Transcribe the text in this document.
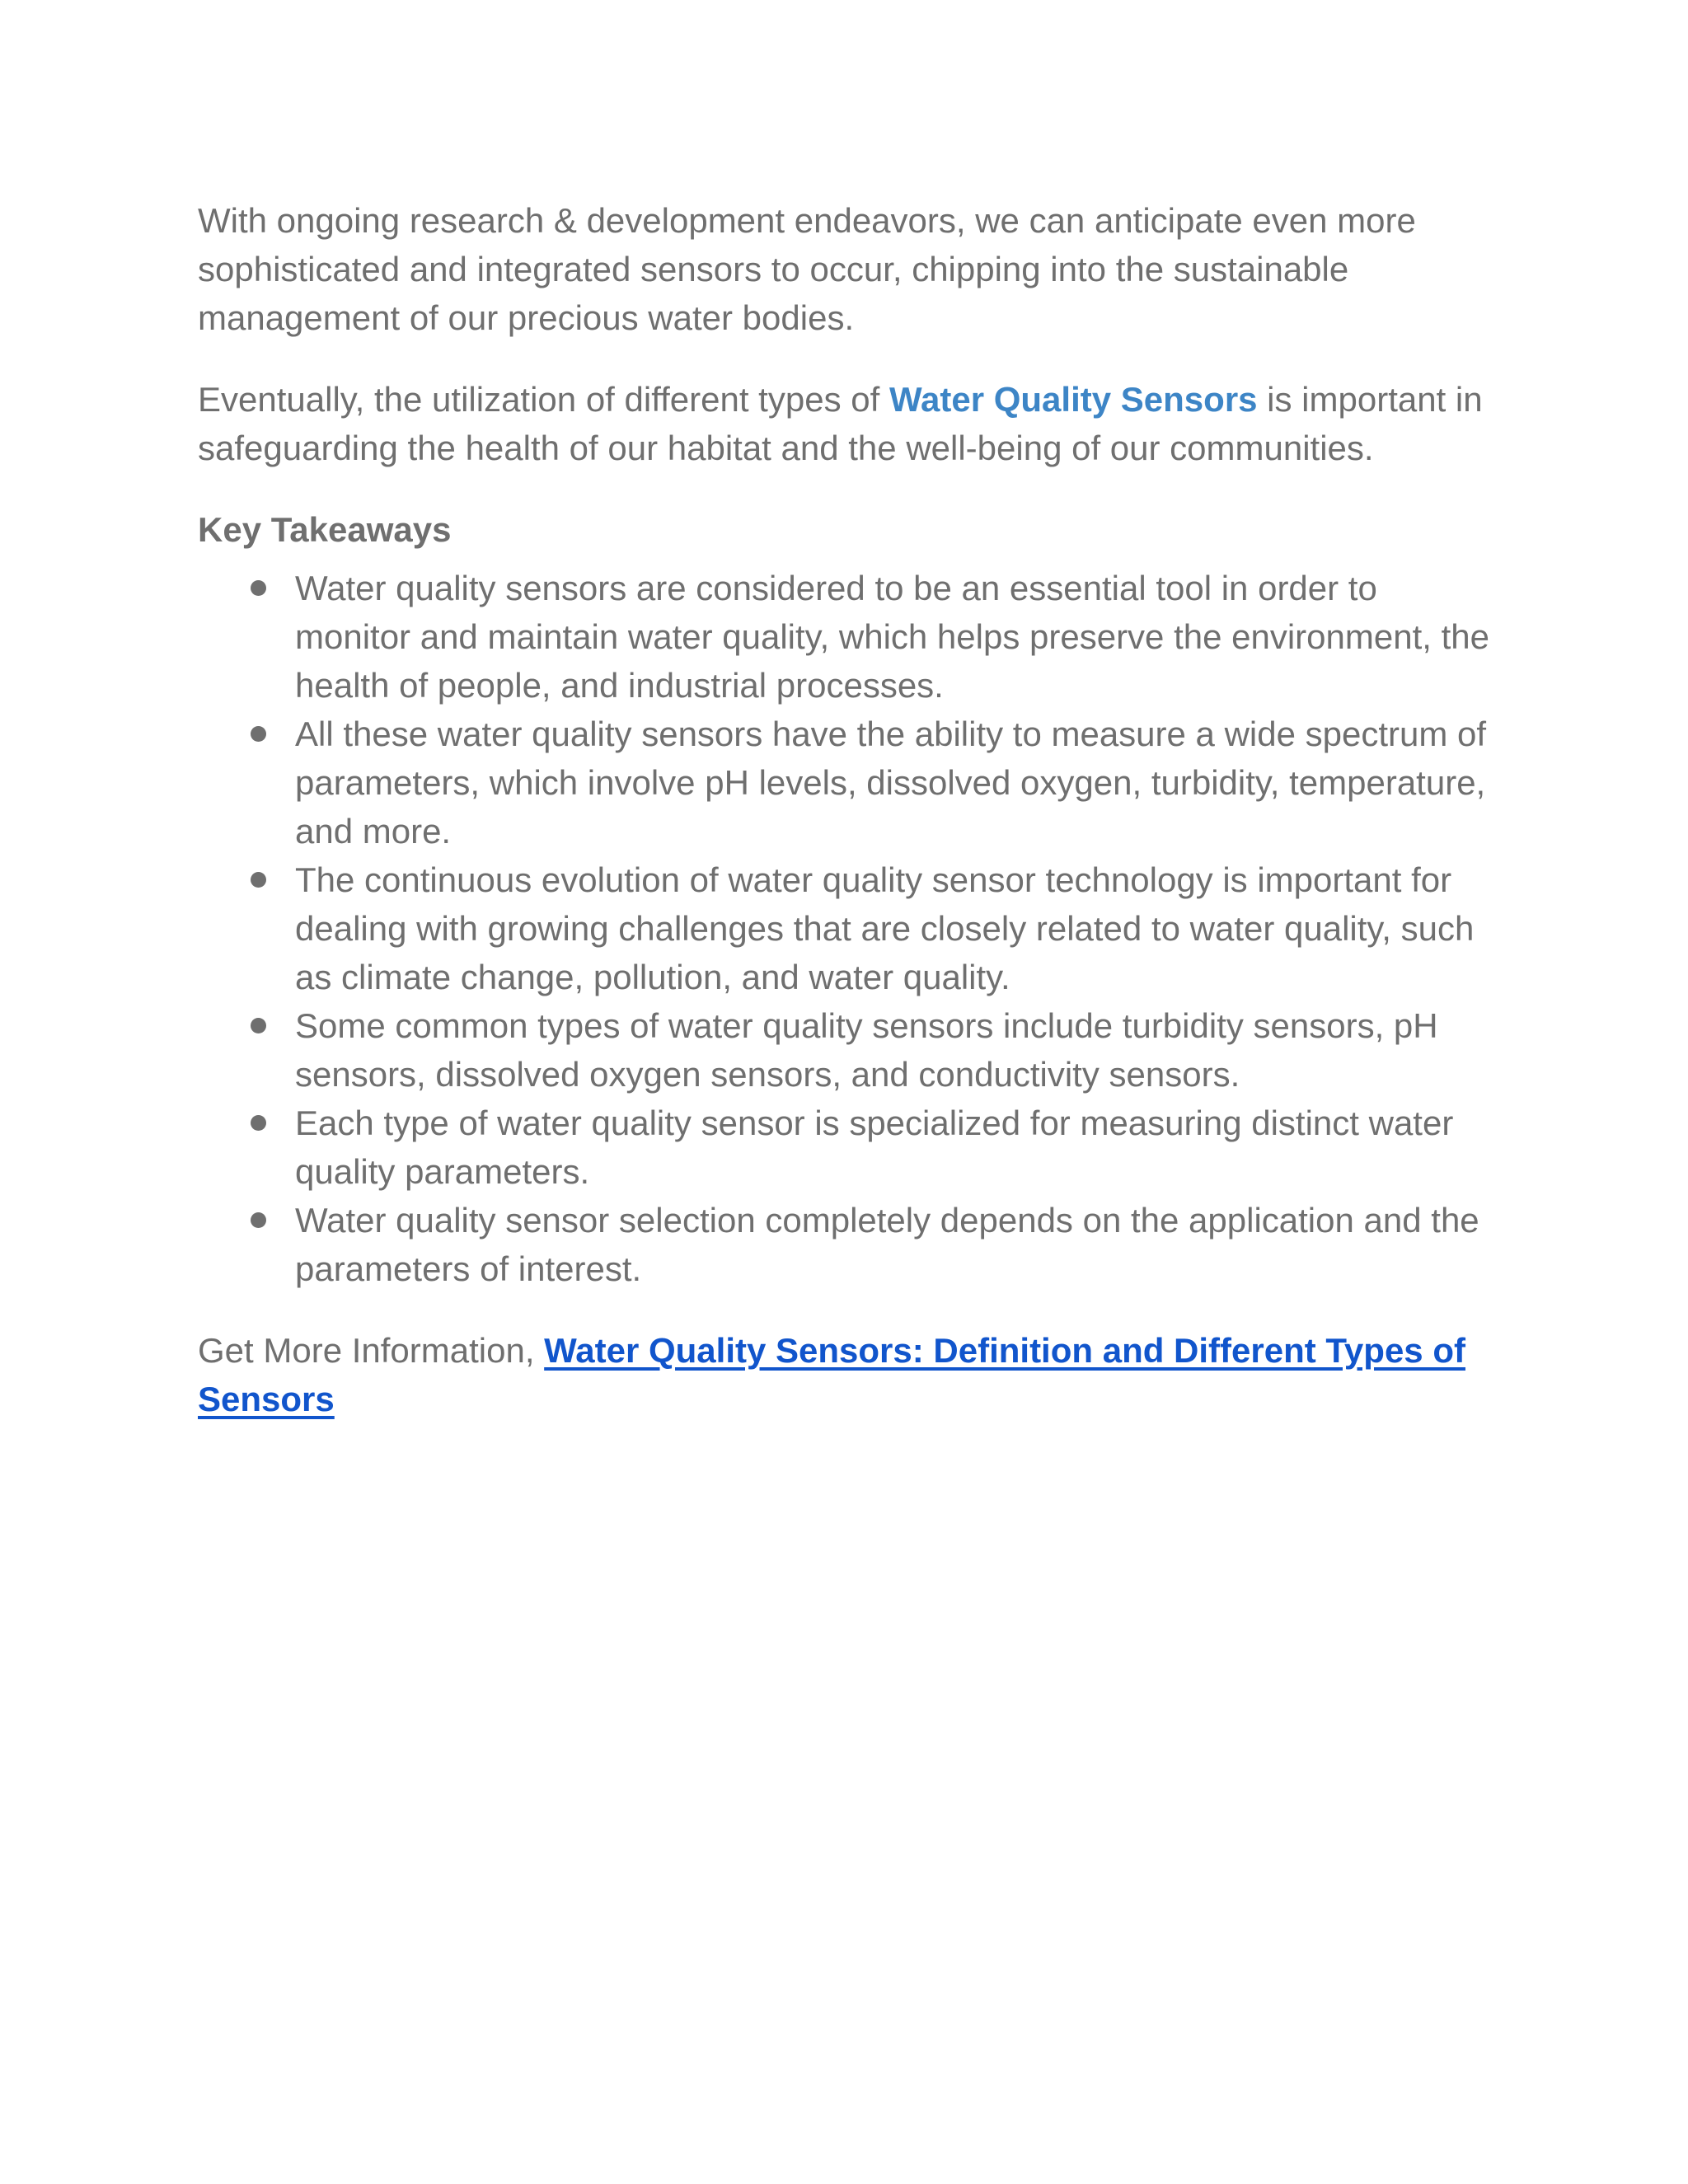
With ongoing research & development endeavors, we can anticipate even more sophisticated and integrated sensors to occur, chipping into the sustainable management of our precious water bodies.

Eventually, the utilization of different types of Water Quality Sensors is important in safeguarding the health of our habitat and the well-being of our communities.

Key Takeaways
Water quality sensors are considered to be an essential tool in order to monitor and maintain water quality, which helps preserve the environment, the health of people, and industrial processes.
All these water quality sensors have the ability to measure a wide spectrum of parameters, which involve pH levels, dissolved oxygen, turbidity, temperature, and more.
The continuous evolution of water quality sensor technology is important for dealing with growing challenges that are closely related to water quality, such as climate change, pollution, and water quality.
Some common types of water quality sensors include turbidity sensors, pH sensors, dissolved oxygen sensors, and conductivity sensors.
Each type of water quality sensor is specialized for measuring distinct water quality parameters.
Water quality sensor selection completely depends on the application and the parameters of interest.

Get More Information, Water Quality Sensors: Definition and Different Types of Sensors
